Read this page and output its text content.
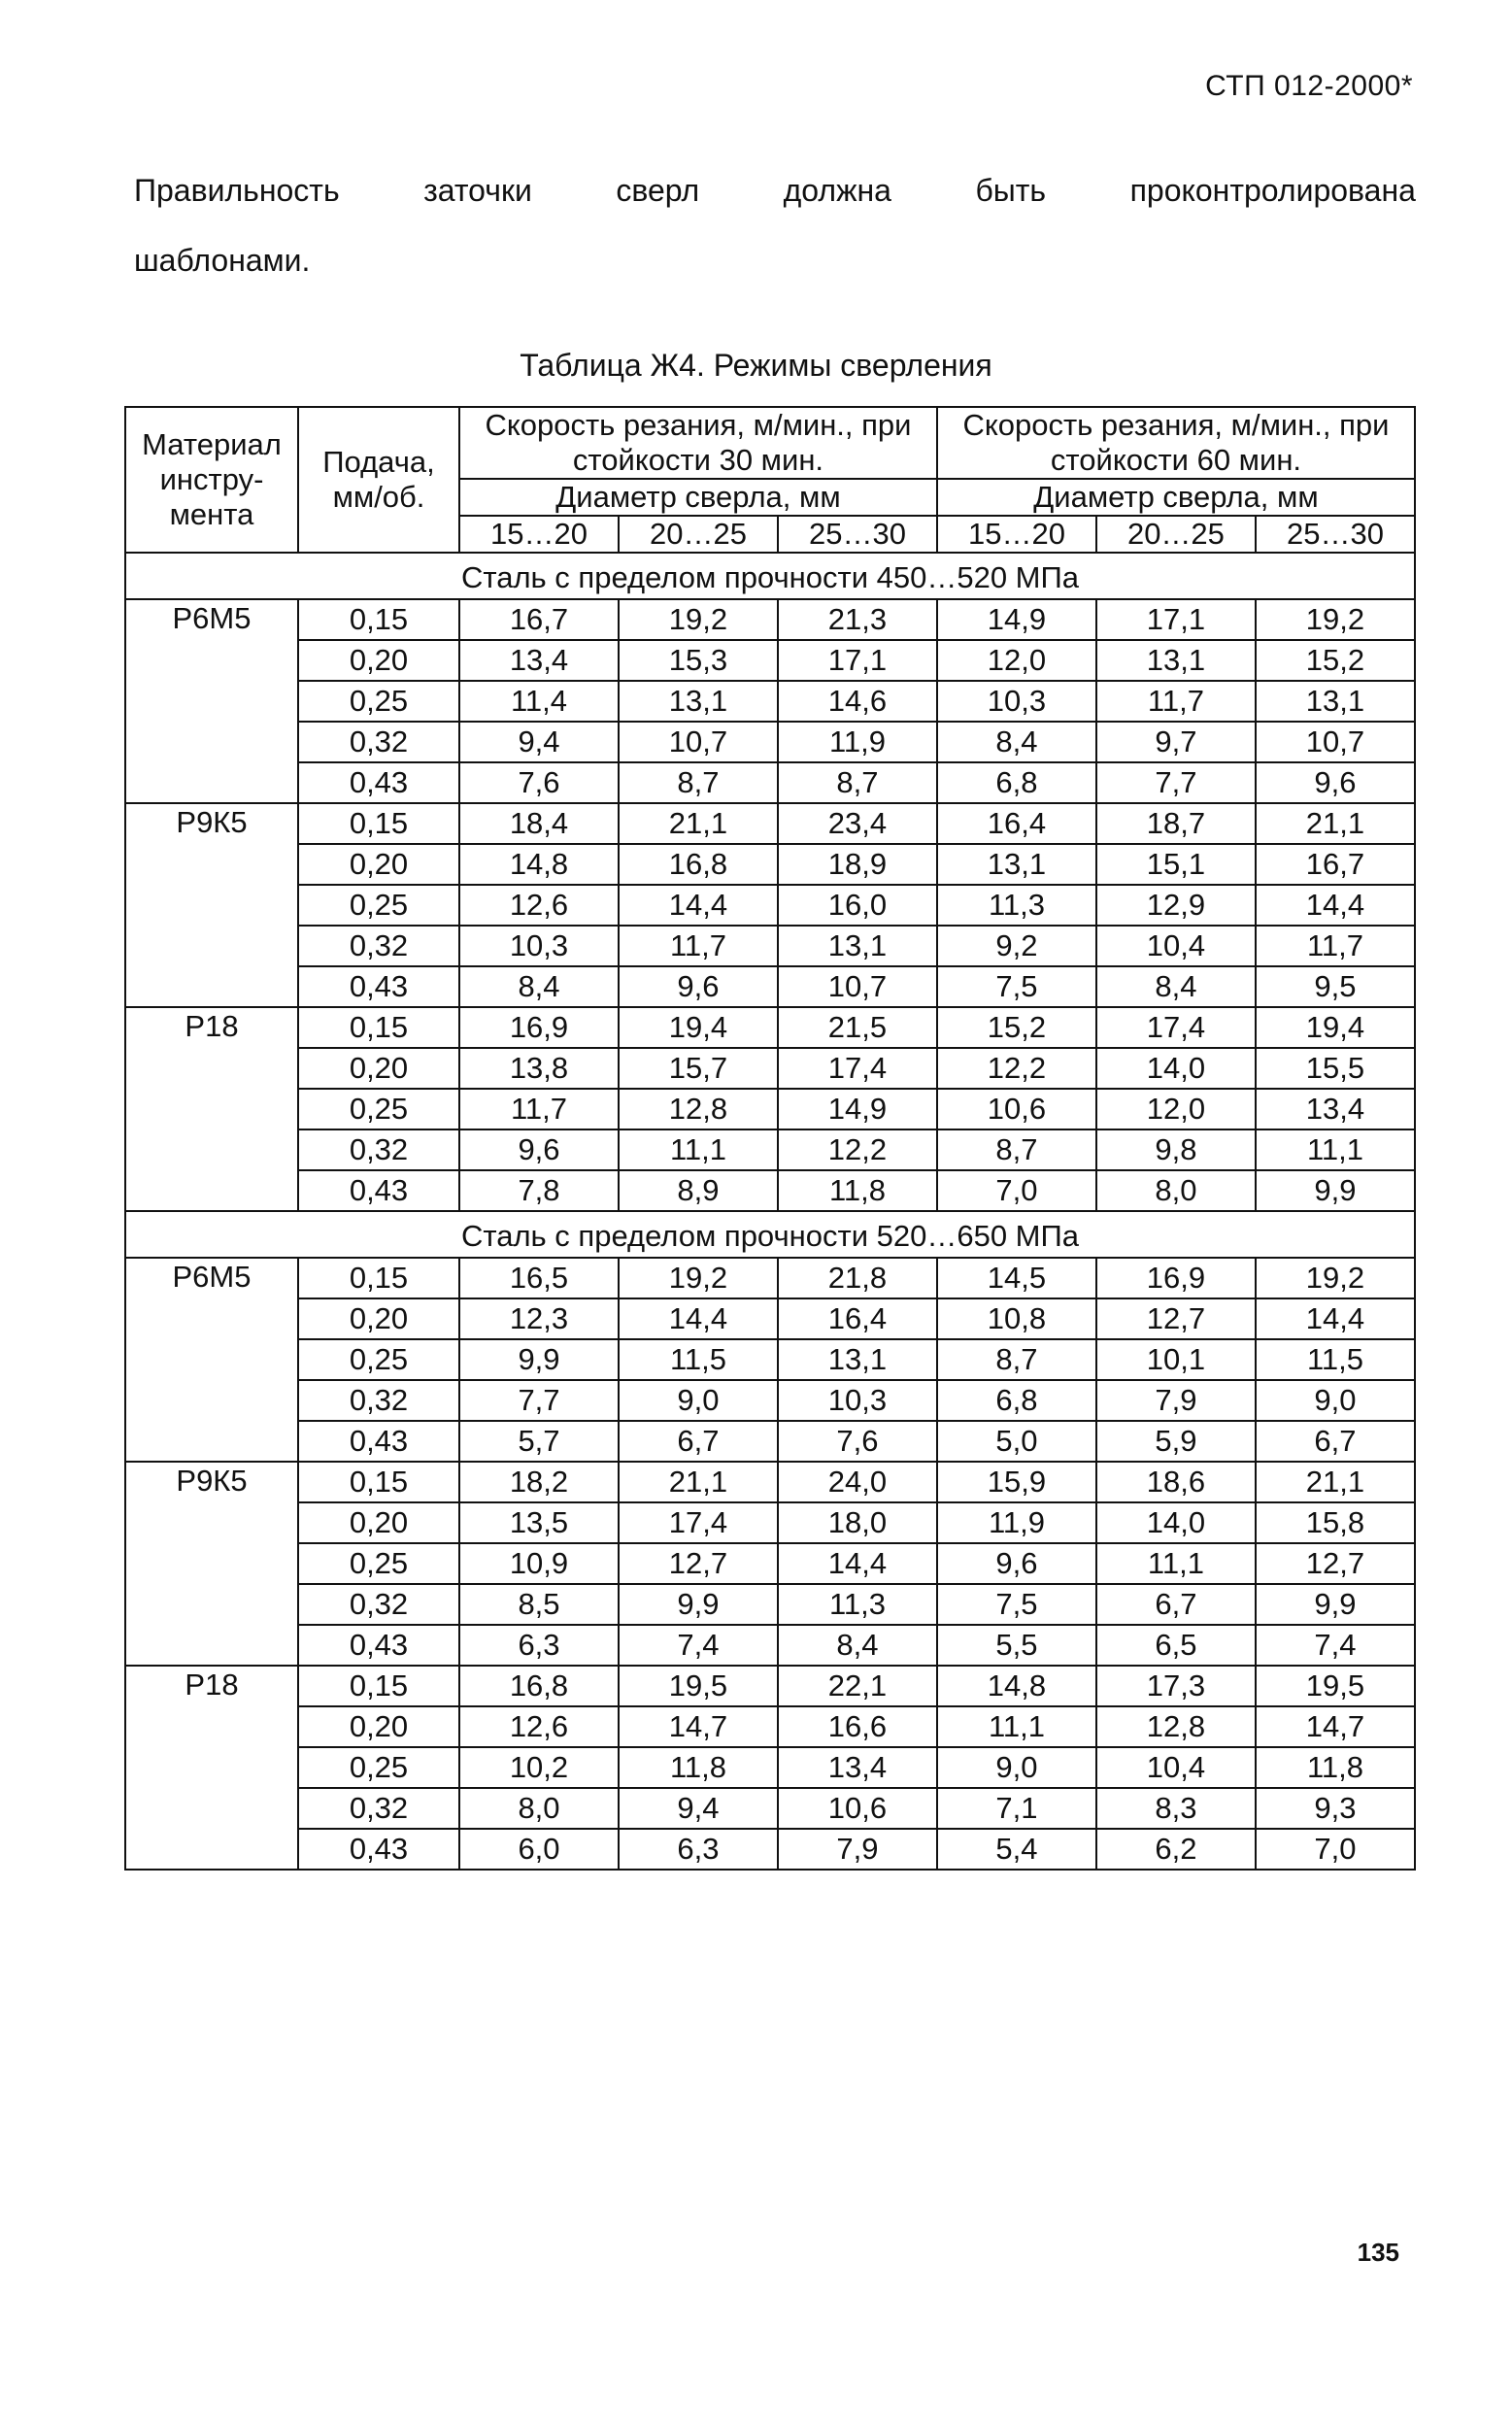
СТП 012-2000*
Правильность	заточки	сверл	должна	быть	проконтролирована
шаблонами.
Таблица Ж4. Режимы сверления
Материал инстру-мента	Подача, мм/об.	Скорость резания, м/мин., при стойкости 30 мин.			Скорость резания, м/мин., при стойкости 60 мин.		
		Диаметр сверла, мм			Диаметр сверла, мм		
		15…20	20…25	25…30	15…20	20…25	25…30
Сталь с пределом прочности 450…520 МПа							
Р6М5	0,15	16,7	19,2	21,3	14,9	17,1	19,2
	0,20	13,4	15,3	17,1	12,0	13,1	15,2
	0,25	11,4	13,1	14,6	10,3	11,7	13,1
	0,32	9,4	10,7	11,9	8,4	9,7	10,7
	0,43	7,6	8,7	8,7	6,8	7,7	9,6
Р9К5	0,15	18,4	21,1	23,4	16,4	18,7	21,1
	0,20	14,8	16,8	18,9	13,1	15,1	16,7
	0,25	12,6	14,4	16,0	11,3	12,9	14,4
	0,32	10,3	11,7	13,1	9,2	10,4	11,7
	0,43	8,4	9,6	10,7	7,5	8,4	9,5
Р18	0,15	16,9	19,4	21,5	15,2	17,4	19,4
	0,20	13,8	15,7	17,4	12,2	14,0	15,5
	0,25	11,7	12,8	14,9	10,6	12,0	13,4
	0,32	9,6	11,1	12,2	8,7	9,8	11,1
	0,43	7,8	8,9	11,8	7,0	8,0	9,9
Сталь с пределом прочности 520…650 МПа							
Р6М5	0,15	16,5	19,2	21,8	14,5	16,9	19,2
	0,20	12,3	14,4	16,4	10,8	12,7	14,4
	0,25	9,9	11,5	13,1	8,7	10,1	11,5
	0,32	7,7	9,0	10,3	6,8	7,9	9,0
	0,43	5,7	6,7	7,6	5,0	5,9	6,7
Р9К5	0,15	18,2	21,1	24,0	15,9	18,6	21,1
	0,20	13,5	17,4	18,0	11,9	14,0	15,8
	0,25	10,9	12,7	14,4	9,6	11,1	12,7
	0,32	8,5	9,9	11,3	7,5	6,7	9,9
	0,43	6,3	7,4	8,4	5,5	6,5	7,4
Р18	0,15	16,8	19,5	22,1	14,8	17,3	19,5
	0,20	12,6	14,7	16,6	11,1	12,8	14,7
	0,25	10,2	11,8	13,4	9,0	10,4	11,8
	0,32	8,0	9,4	10,6	7,1	8,3	9,3
	0,43	6,0	6,3	7,9	5,4	6,2	7,0
135
